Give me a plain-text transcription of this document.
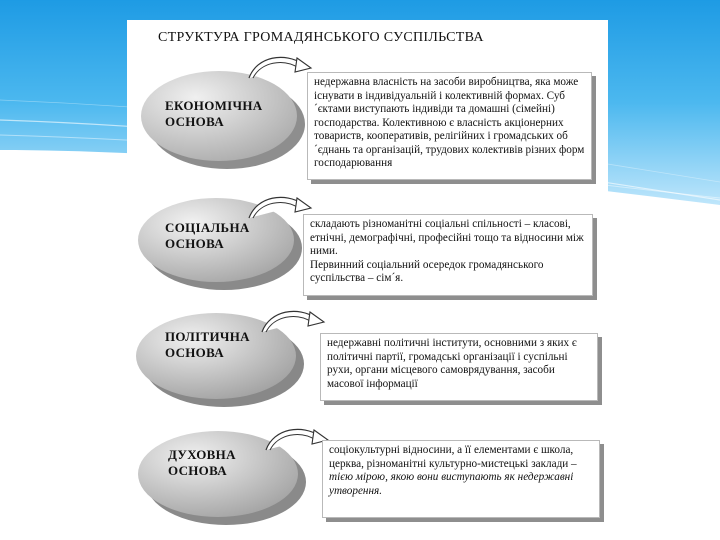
СТРУКТУРА ГРОМАДЯНСЬКОГО СУСПІЛЬСТВА
ЕКОНОМІЧНА
ОСНОВА

недержавна власність на засоби виробництва, яка може існувати в індивідуальній і колективній формах. Суб´єктами виступають індивіди та домашні (сімейні) господарства. Колективною є власність акціонерних товариств, кооперативів, релігійних і громадських об´єднань та організацій, трудових колективів різних форм господарювання

СОЦІАЛЬНА
ОСНОВА

складають різноманітні соціальні спільності – класові, етнічні, демографічні, професійні тощо та відносини між ними.

Первинний соціальний осередок громадянського суспільства – сім´я.

ПОЛІТИЧНА
ОСНОВА

недержавні політичні інститути, основними з яких є політичні партії, громадські організації і суспільні рухи, органи місцевого самоврядування, засоби масової інформації

ДУХОВНА
ОСНОВА

соціокультурні відносини, а її елементами є школа, церква, різноманітні культурно-мистецькі заклади – тією мірою, якою вони виступають як недержавні утворення.
